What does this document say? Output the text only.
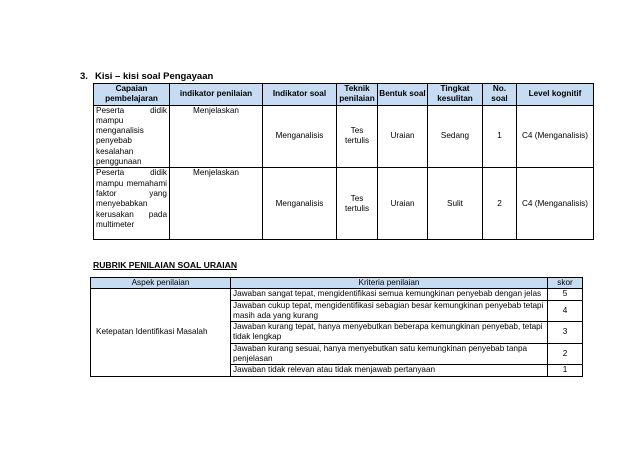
3. Kisi – kisi soal Pengayaan
Capaian pembelajaran	indikator penilaian	Indikator soal	Teknik penilaian	Bentuk soal	Tingkat kesulitan	No. soal	Level kognitif
Peserta didik mampu menganalisis penyebab kesalahan penggunaan	Menjelaskan	Menganalisis	Tes tertulis	Uraian	Sedang	1	C4 (Menganalisis)
Peserta didik mampu memahami faktor yang menyebabkan kerusakan pada multimeter	Menjelaskan	Menganalisis	Tes tertulis	Uraian	Sulit	2	C4 (Menganalisis)
RUBRIK PENILAIAN SOAL URAIAN
Aspek penilaian	Kriteria penilaian	skor
Ketepatan Identifikasi Masalah	Jawaban sangat tepat, mengidentifikasi semua kemungkinan penyebab dengan jelas	5
	Jawaban cukup tepat, mengidentifikasi sebagian besar kemungkinan penyebab tetapi masih ada yang kurang	4
	Jawaban kurang tepat, hanya menyebutkan beberapa kemungkinan penyebab, tetapi tidak lengkap	3
	Jawaban kurang sesuai, hanya menyebutkan satu kemungkinan penyebab tanpa penjelasan	2
	Jawaban tidak relevan atau tidak menjawab pertanyaan	1
